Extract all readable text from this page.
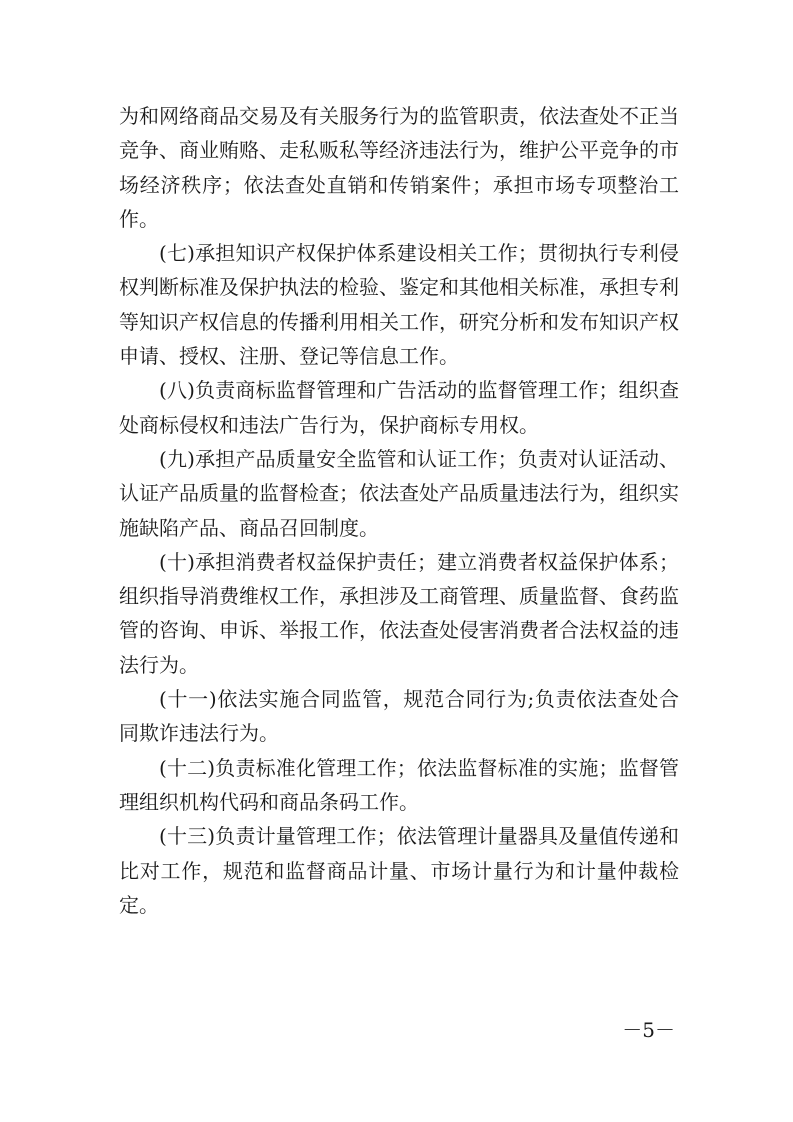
为和网络商品交易及有关服务行为的监管职责，依法查处不正当竞争、商业贿赂、走私贩私等经济违法行为，维护公平竞争的市场经济秩序；依法查处直销和传销案件；承担市场专项整治工作。

(七)承担知识产权保护体系建设相关工作；贯彻执行专利侵权判断标准及保护执法的检验、鉴定和其他相关标准，承担专利等知识产权信息的传播利用相关工作，研究分析和发布知识产权申请、授权、注册、登记等信息工作。

(八)负责商标监督管理和广告活动的监督管理工作；组织查处商标侵权和违法广告行为，保护商标专用权。

(九)承担产品质量安全监管和认证工作；负责对认证活动、认证产品质量的监督检查；依法查处产品质量违法行为，组织实施缺陷产品、商品召回制度。

(十)承担消费者权益保护责任；建立消费者权益保护体系；组织指导消费维权工作，承担涉及工商管理、质量监督、食药监管的咨询、申诉、举报工作，依法查处侵害消费者合法权益的违法行为。

(十一)依法实施合同监管，规范合同行为;负责依法查处合同欺诈违法行为。

(十二)负责标准化管理工作；依法监督标准的实施；监督管理组织机构代码和商品条码工作。

(十三)负责计量管理工作；依法管理计量器具及量值传递和比对工作，规范和监督商品计量、市场计量行为和计量仲裁检定。

－5－
